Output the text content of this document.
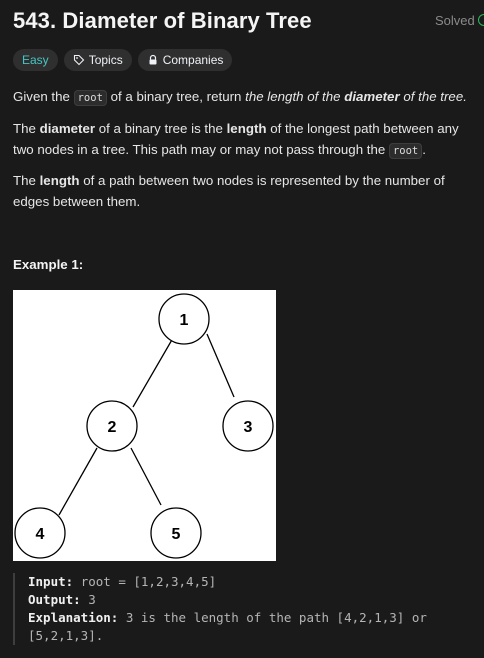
543. Diameter of Binary Tree	Solved
Easy	Topics	Companies
Given the root of a binary tree, return the length of the diameter of the tree.
The diameter of a binary tree is the length of the longest path between any two nodes in a tree. This path may or may not pass through the root .
The length of a path between two nodes is represented by the number of edges between them.
Example 1:
1
2	3
4	5
Input: root = [1,2,3,4,5]
Output: 3
Explanation: 3 is the length of the path [4,2,1,3] or [5,2,1,3].
